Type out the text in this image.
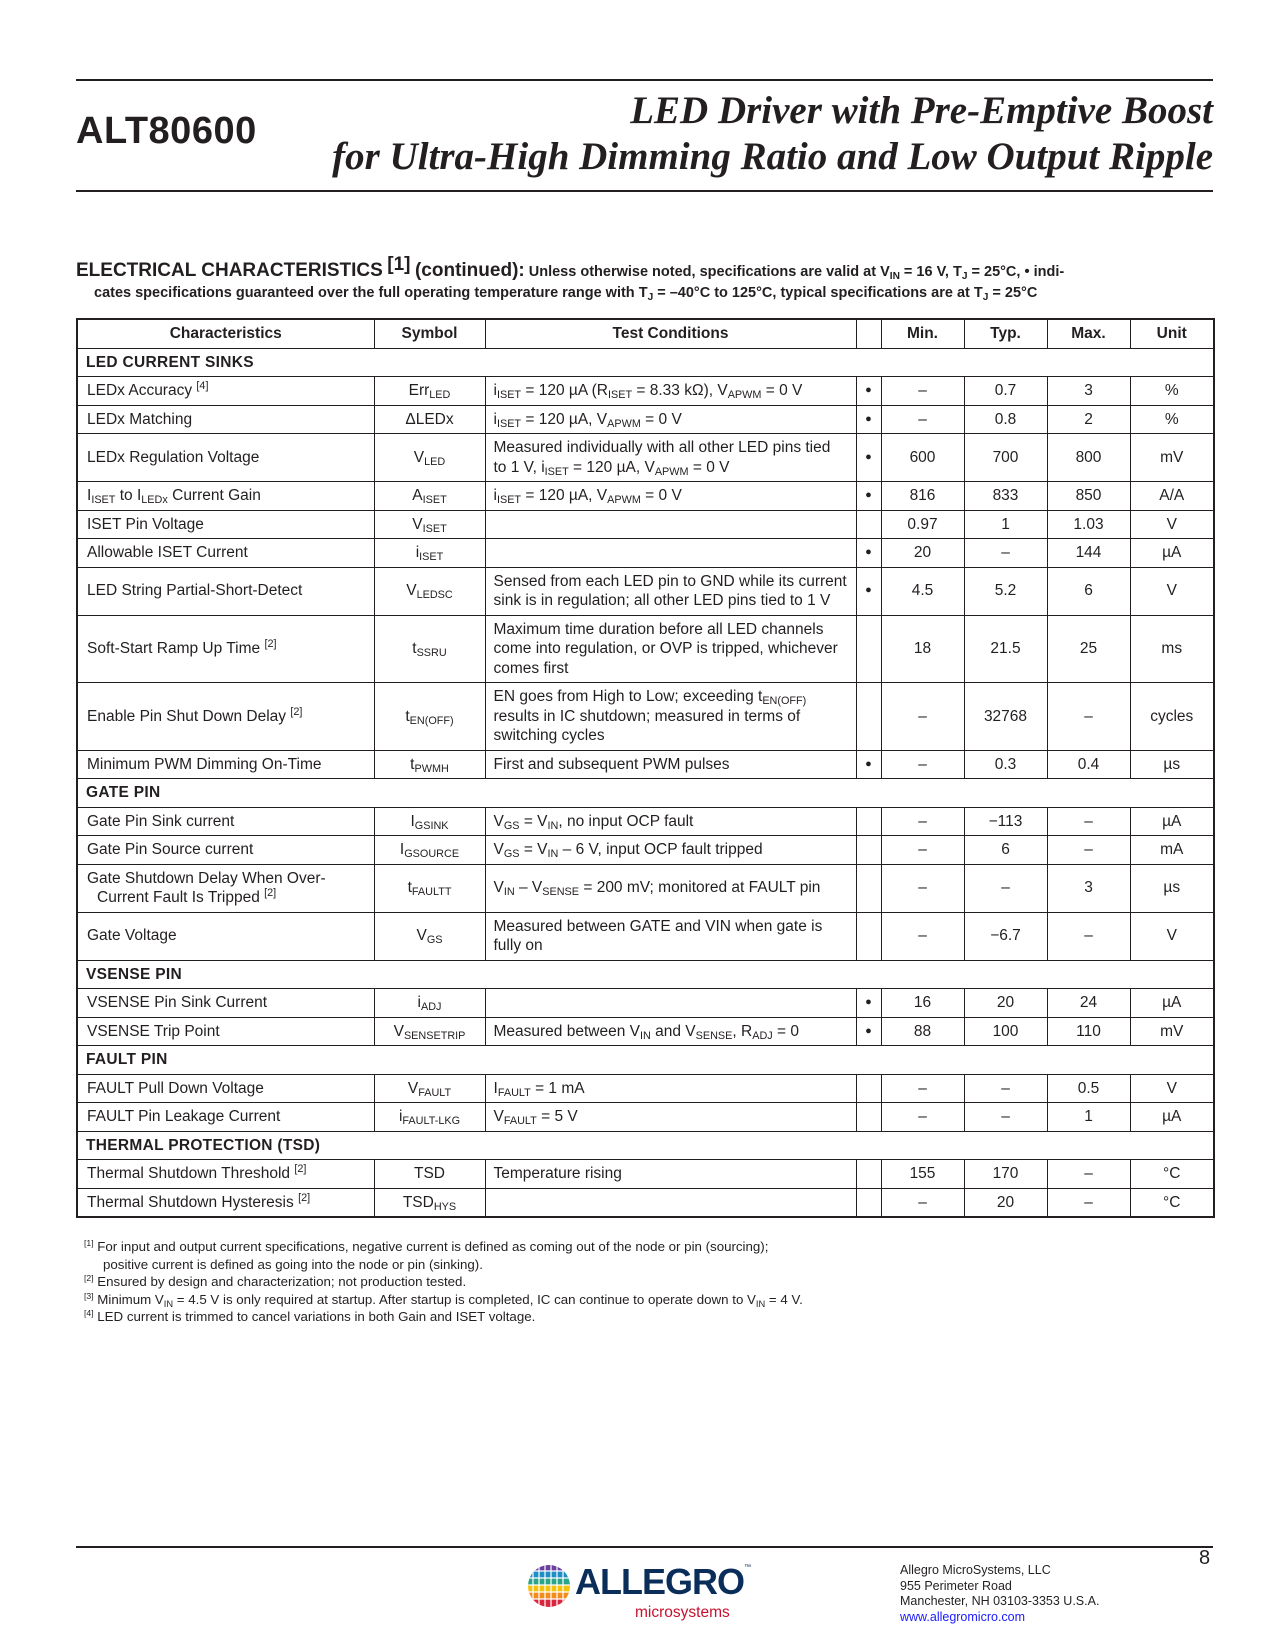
ALT80600	LED Driver with Pre-Emptive Boost
for Ultra-High Dimming Ratio and Low Output Ripple
ELECTRICAL CHARACTERISTICS [1] (continued): Unless otherwise noted, specifications are valid at $V_{IN} = 16$ V, $T_J = 25^\circ C$, • indi-
cates specifications guaranteed over the full operating temperature range with $T_J = -40^\circ C$ to 125°C, typical specifications are at $T_J = 25^\circ C$
Characteristics	Symbol	Test Conditions		Min.	Typ.	Max.	Unit
LED CURRENT SINKS							

LEDx Accuracy [4]	Err$_{LED}$	$i_{ISET} = 120$ µA ($R_{ISET} = 8.33$ kΩ), $V_{APWM} = 0$ V	●	–	0.7	3	%

LEDx Matching	ΔLEDx	$i_{ISET} = 120$ µA, $V_{APWM} = 0$ V	●	–	0.8	2	%

LEDx Regulation Voltage	$V_{LED}$	Measured individually with all other LED pins tied to 1 V, $i_{ISET} = 120$ µA, $V_{APWM} = 0$ V	●	600	700	800	mV

$I_{ISET}$ to $I_{LEDx}$ Current Gain	$A_{ISET}$	$i_{ISET} = 120$ µA, $V_{APWM} = 0$ V	●	816	833	850	A/A

ISET Pin Voltage	$V_{ISET}$			0.97	1	1.03	V

Allowable ISET Current	$i_{ISET}$		●	20	–	144	µA

LED String Partial-Short-Detect	$V_{LEDSC}$	Sensed from each LED pin to GND while its current sink is in regulation; all other LED pins tied to 1 V	●	4.5	5.2	6	V

Soft-Start Ramp Up Time [2]	$t_{SSRU}$	Maximum time duration before all LED channels come into regulation, or OVP is tripped, whichever comes first		18	21.5	25	ms

Enable Pin Shut Down Delay [2]	$t_{EN(OFF)}$	EN goes from High to Low; exceeding $t_{EN(OFF)}$ results in IC shutdown; measured in terms of switching cycles		–	32768	–	cycles

Minimum PWM Dimming On-Time	$t_{PWMH}$	First and subsequent PWM pulses	●	–	0.3	0.4	µs
GATE PIN							

Gate Pin Sink current	$I_{GSINK}$	$V_{GS} = V_{IN}$, no input OCP fault		–	−113	–	µA

Gate Pin Source current	$I_{GSOURCE}$	$V_{GS} = V_{IN} - 6$ V, input OCP fault tripped		–	6	–	mA

Gate Shutdown Delay When Over-Current Fault Is Tripped [2]	$t_{FAULTT}$	$V_{IN} - V_{SENSE} = 200$ mV; monitored at FAULT pin		–	–	3	µs

Gate Voltage	$V_{GS}$	Measured between GATE and VIN when gate is fully on		–	−6.7	–	V
VSENSE PIN							

VSENSE Pin Sink Current	$i_{ADJ}$		●	16	20	24	µA

VSENSE Trip Point	$V_{SENSETRIP}$	Measured between $V_{IN}$ and $V_{SENSE}$, $R_{ADJ} = 0$	●	88	100	110	mV
FAULT PIN							

FAULT Pull Down Voltage	$V_{FAULT}$	$I_{FAULT} = 1$ mA		–	–	0.5	V

FAULT Pin Leakage Current	$i_{FAULT-LKG}$	$V_{FAULT} = 5$ V		–	–	1	µA
THERMAL PROTECTION (TSD)							

Thermal Shutdown Threshold [2]	TSD	Temperature rising		155	170	–	°C

Thermal Shutdown Hysteresis [2]	$TSD_{HYS}$			–	20	–	°C
[1] For input and output current specifications, negative current is defined as coming out of the node or pin (sourcing);
positive current is defined as going into the node or pin (sinking).
[2] Ensured by design and characterization; not production tested.
[3] Minimum $V_{IN} = 4.5$ V is only required at startup. After startup is completed, IC can continue to operate down to $V_{IN} = 4$ V.
[4] LED current is trimmed to cancel variations in both Gain and ISET voltage.
8
ALLEGRO™
microsystems
Allegro MicroSystems, LLC
955 Perimeter Road
Manchester, NH 03103-3353 U.S.A.
www.allegromicro.com
